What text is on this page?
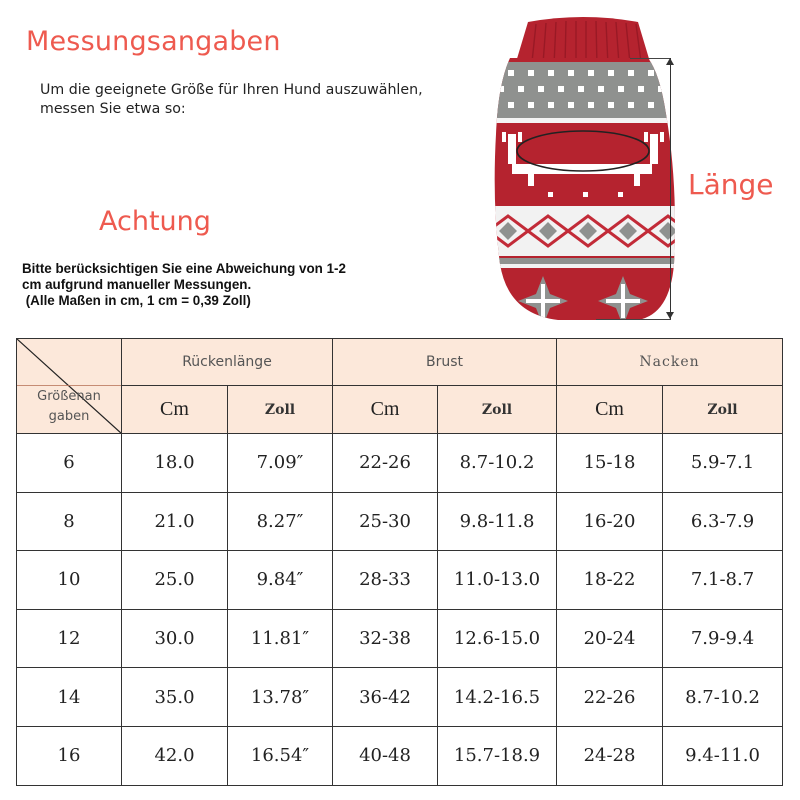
Messungsangaben
Um die geeignete Größe für Ihren Hund auszuwählen,
messen Sie etwa so:
Achtung
Bitte berücksichtigen Sie eine Abweichung von 1-2
cm aufgrund manueller Messungen.
(Alle Maßen in cm, 1 cm = 0,39 Zoll)
Länge
Größenan
gaben	Rückenlänge		Brust		Nacken	
	Cm	Zoll	Cm	Zoll	Cm	Zoll
6	18.0	7.09″	22-26	8.7-10.2	15-18	5.9-7.1
8	21.0	8.27″	25-30	9.8-11.8	16-20	6.3-7.9
10	25.0	9.84″	28-33	11.0-13.0	18-22	7.1-8.7
12	30.0	11.81″	32-38	12.6-15.0	20-24	7.9-9.4
14	35.0	13.78″	36-42	14.2-16.5	22-26	8.7-10.2
16	42.0	16.54″	40-48	15.7-18.9	24-28	9.4-11.0
